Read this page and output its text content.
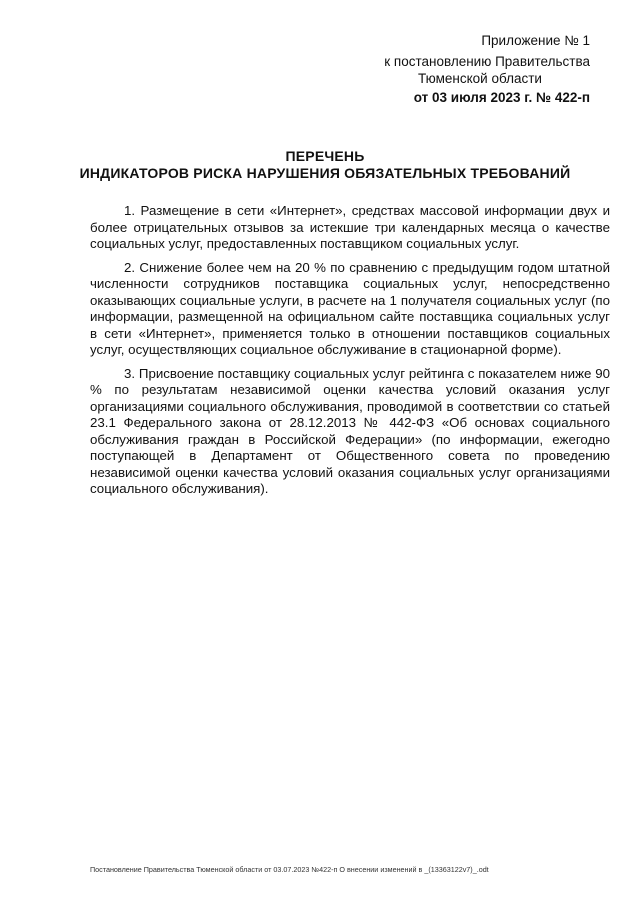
Приложение № 1
к постановлению Правительства
Тюменской области
от 03 июля 2023 г. № 422-п
ПЕРЕЧЕНЬ
ИНДИКАТОРОВ РИСКА НАРУШЕНИЯ ОБЯЗАТЕЛЬНЫХ ТРЕБОВАНИЙ

1. Размещение в сети «Интернет», средствах массовой информации двух и более отрицательных отзывов за истекшие три календарных месяца о качестве социальных услуг, предоставленных поставщиком социальных услуг.

2. Снижение более чем на 20 % по сравнению с предыдущим годом штатной численности сотрудников поставщика социальных услуг, непосредственно оказывающих социальные услуги, в расчете на 1 получателя социальных услуг (по информации, размещенной на официальном сайте поставщика социальных услуг в сети «Интернет», применяется только в отношении поставщиков социальных услуг, осуществляющих социальное обслуживание в стационарной форме).

3. Присвоение поставщику социальных услуг рейтинга с показателем ниже 90 % по результатам независимой оценки качества условий оказания услуг организациями социального обслуживания, проводимой в соответствии со статьей 23.1 Федерального закона от 28.12.2013 № 442-ФЗ «Об основах социального обслуживания граждан в Российской Федерации» (по информации, ежегодно поступающей в Департамент от Общественного совета по проведению независимой оценки качества условий оказания социальных услуг организациями социального обслуживания).

Постановление Правительства Тюменской области от 03.07.2023 №422-п О внесении изменений в _(13363122v7)_.odt
